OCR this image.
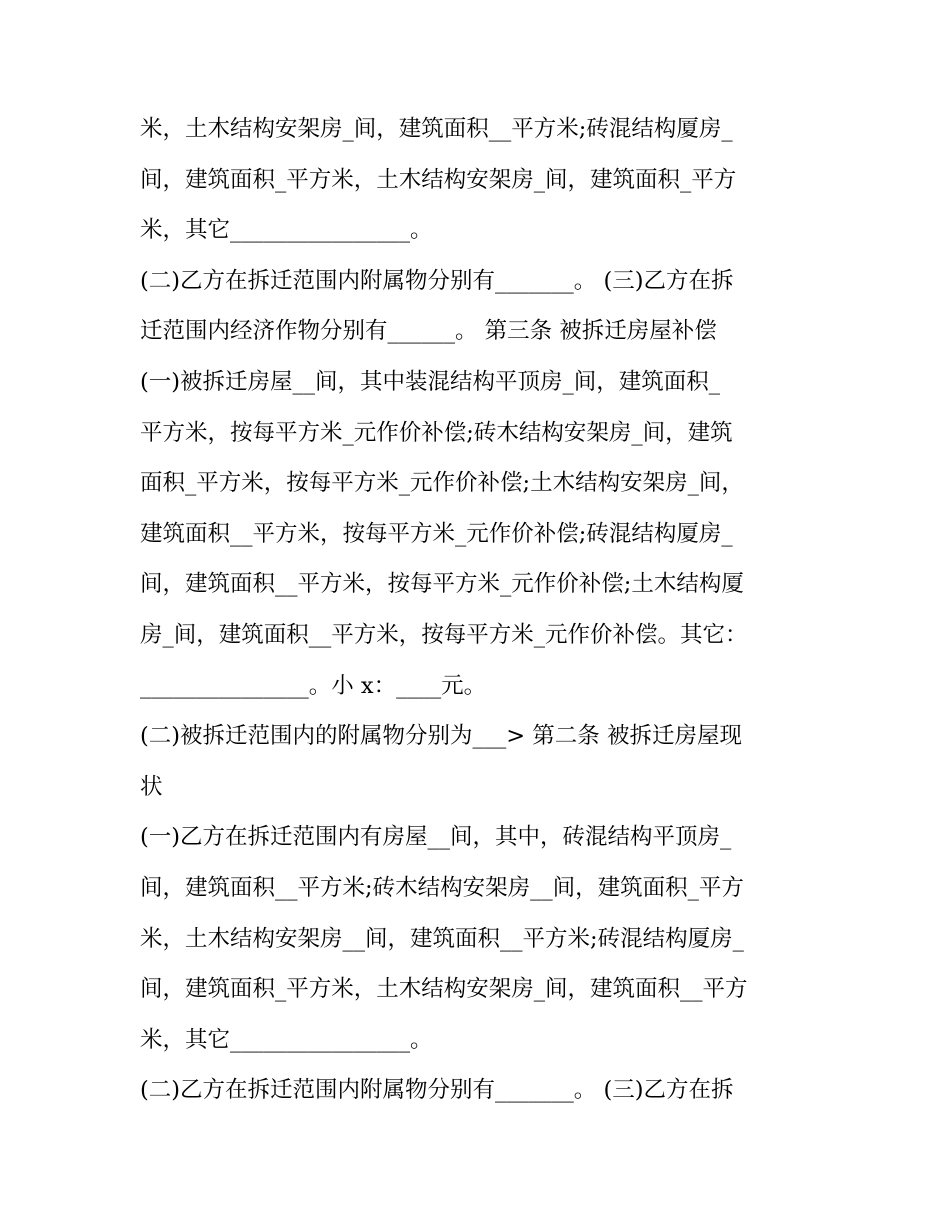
米，土木结构安架房_间，建筑面积__平方米;砖混结构厦房_
间，建筑面积_平方米，土木结构安架房_间，建筑面积_平方
米，其它________________。
(二)乙方在拆迁范围内附属物分别有_______。 (三)乙方在拆
迁范围内经济作物分别有______。 第三条 被拆迁房屋补偿
(一)被拆迁房屋__间，其中装混结构平顶房_间，建筑面积_
平方米，按每平方米_元作价补偿;砖木结构安架房_间，建筑
面积_平方米，按每平方米_元作价补偿;土木结构安架房_间，
建筑面积__平方米，按每平方米_元作价补偿;砖混结构厦房_
间，建筑面积__平方米，按每平方米_元作价补偿;土木结构厦
房_间，建筑面积__平方米，按每平方米_元作价补偿。其它：
_______________。小 x：____元。
(二)被拆迁范围内的附属物分别为___> 第二条 被拆迁房屋现
状
(一)乙方在拆迁范围内有房屋__间，其中，砖混结构平顶房_
间，建筑面积__平方米;砖木结构安架房__间，建筑面积_平方
米，土木结构安架房__间，建筑面积__平方米;砖混结构厦房_
间，建筑面积_平方米，土木结构安架房_间，建筑面积__平方
米，其它________________。
(二)乙方在拆迁范围内附属物分别有_______。 (三)乙方在拆
